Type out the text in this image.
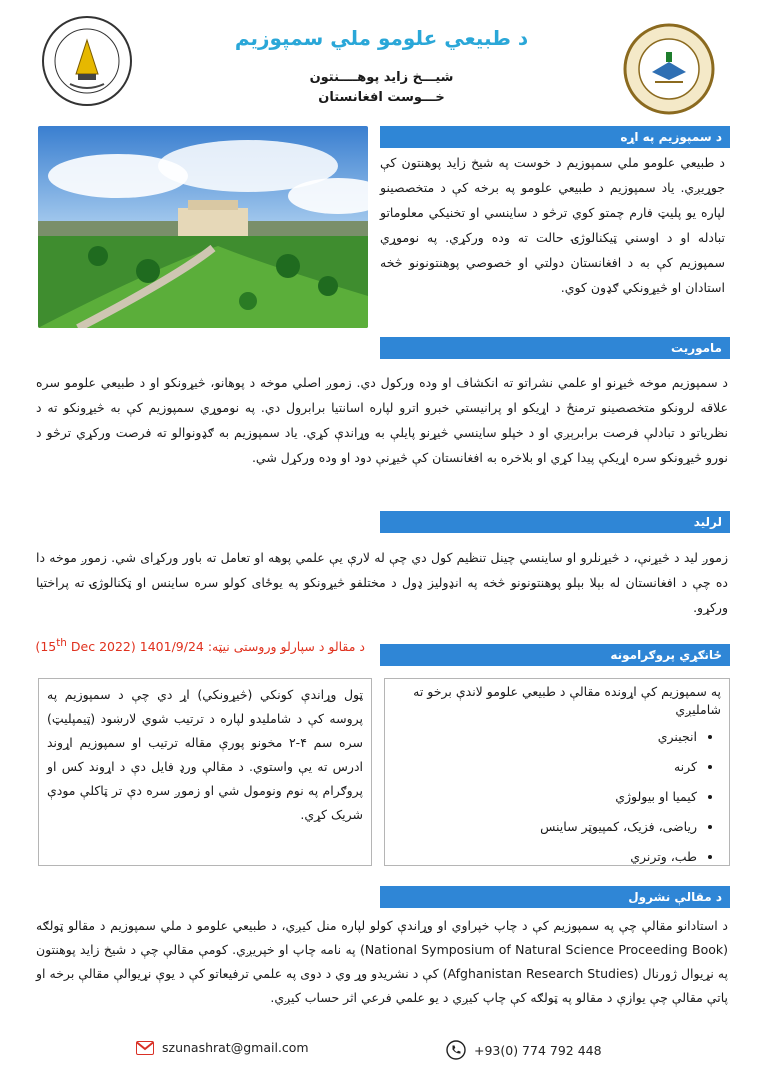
د طبیعي علومو ملي سمپوزیم
شیـــخ زاید پوهــــنتون
خـــوست افغانستان
د سمپوزیم په اړه
د طبیعي علومو ملي سمپوزیم د خوست په شیخ زاید پوهنتون کې جوړیږي. یاد سمپوزیم د طبیعي علومو په برخه کې د متخصصینو لپاره یو پلیټ فارم چمتو کوي ترڅو د ساینسي او تخنیکي معلوماتو تبادله او د اوسني ټیکنالوژۍ حالت ته وده ورکړي. په نوموړي سمپوزیم کې به د افغانستان دولتي او خصوصي پوهنتونونو څخه استادان او څیړونکي ګډون کوي.
ماموریت
د سمپوزیم موخه څیړنو او علمي نشراتو ته انکشاف او وده ورکول دي. زموږ اصلي موخه د پوهانو، څیړونکو او د طبیعي علومو سره علاقه لرونکو متخصصینو ترمنځ د اړیکو او پرانیستي خبرو اترو لپاره اسانتیا برابرول دي. په نوموړي سمپوزیم کې به څیړونکو ته د نظریاتو د تبادلې فرصت برابرېږي او د خپلو ساینسي څیړنو پایلې به وړاندې کړي. یاد سمپوزیم به ګډونوالو ته فرصت ورکړي ترڅو د نورو څیړونکو سره اړیکې پیدا کړي او بلاخره به افغانستان کې څیړنې دود او وده ورکړل شي.
لرلید
زموږ لید د څیړنې، د څیړنلرو او ساینسي چینل تنظیم کول دي چې له لارې یې علمي پوهه او تعامل ته باور ورکړای شي. زموږ موخه دا ده چې د افغانستان له بېلا بېلو پوهنتونونو څخه په انډولیز ډول د مختلفو څیړونکو په یوځای کولو سره ساینس او ټکنالوژۍ ته پراختیا ورکړو.
د مقالو د سپارلو وروستی نیټه: 1401/9/24 (15th Dec 2022)
ځانګړي پروګرامونه
په سمپوزیم کې اړونده مقالې د طبیعي علومو لاندې برخو ته شاملیږي
• انجینري
• کرنه
• کیمیا او بیولوژي
• ریاضی، فزیک، کمپیوټر ساینس
• طب، وترنري
ټول وړاندې کونکي (څیړونکي) اړ دي چې د سمپوزیم په پروسه کې د شاملیدو لپاره د ترتیب شوي لارښود (ټیمپلیټ) سره سم ۴-۲ مخونو پورې مقاله ترتیب او سمپوزیم اړوند ادرس ته یې واستوي. د مقالې ورډ فایل دې د اړوند کس او پروګرام په نوم ونومول شي او زموږ سره دې تر ټاکلې مودې شریک کړي.
د مقالې نشرول
د استادانو مقالې چې په سمپوزیم کې د چاپ خپراوي او وړاندې کولو لپاره منل کیږي، د طبیعي علومو د ملي سمپوزیم د مقالو ټولګه (National Symposium of Natural Science Proceeding Book) په نامه چاپ او خپریږي. کومې مقالې چې د شیخ زاید پوهنتون په نړیوال ژورنال (Afghanistan Research Studies) کې د نشریدو وړ وي د دوی په علمي ترفیعاتو کې د یوې نړیوالې مقالې برخه او پاتې مقالې چې یوازې د مقالو په ټولګه کې چاپ کیږي د یو علمي فرعي اثر حساب کیږي.
szunashrat@gmail.com	+93(0) 774 792 448
